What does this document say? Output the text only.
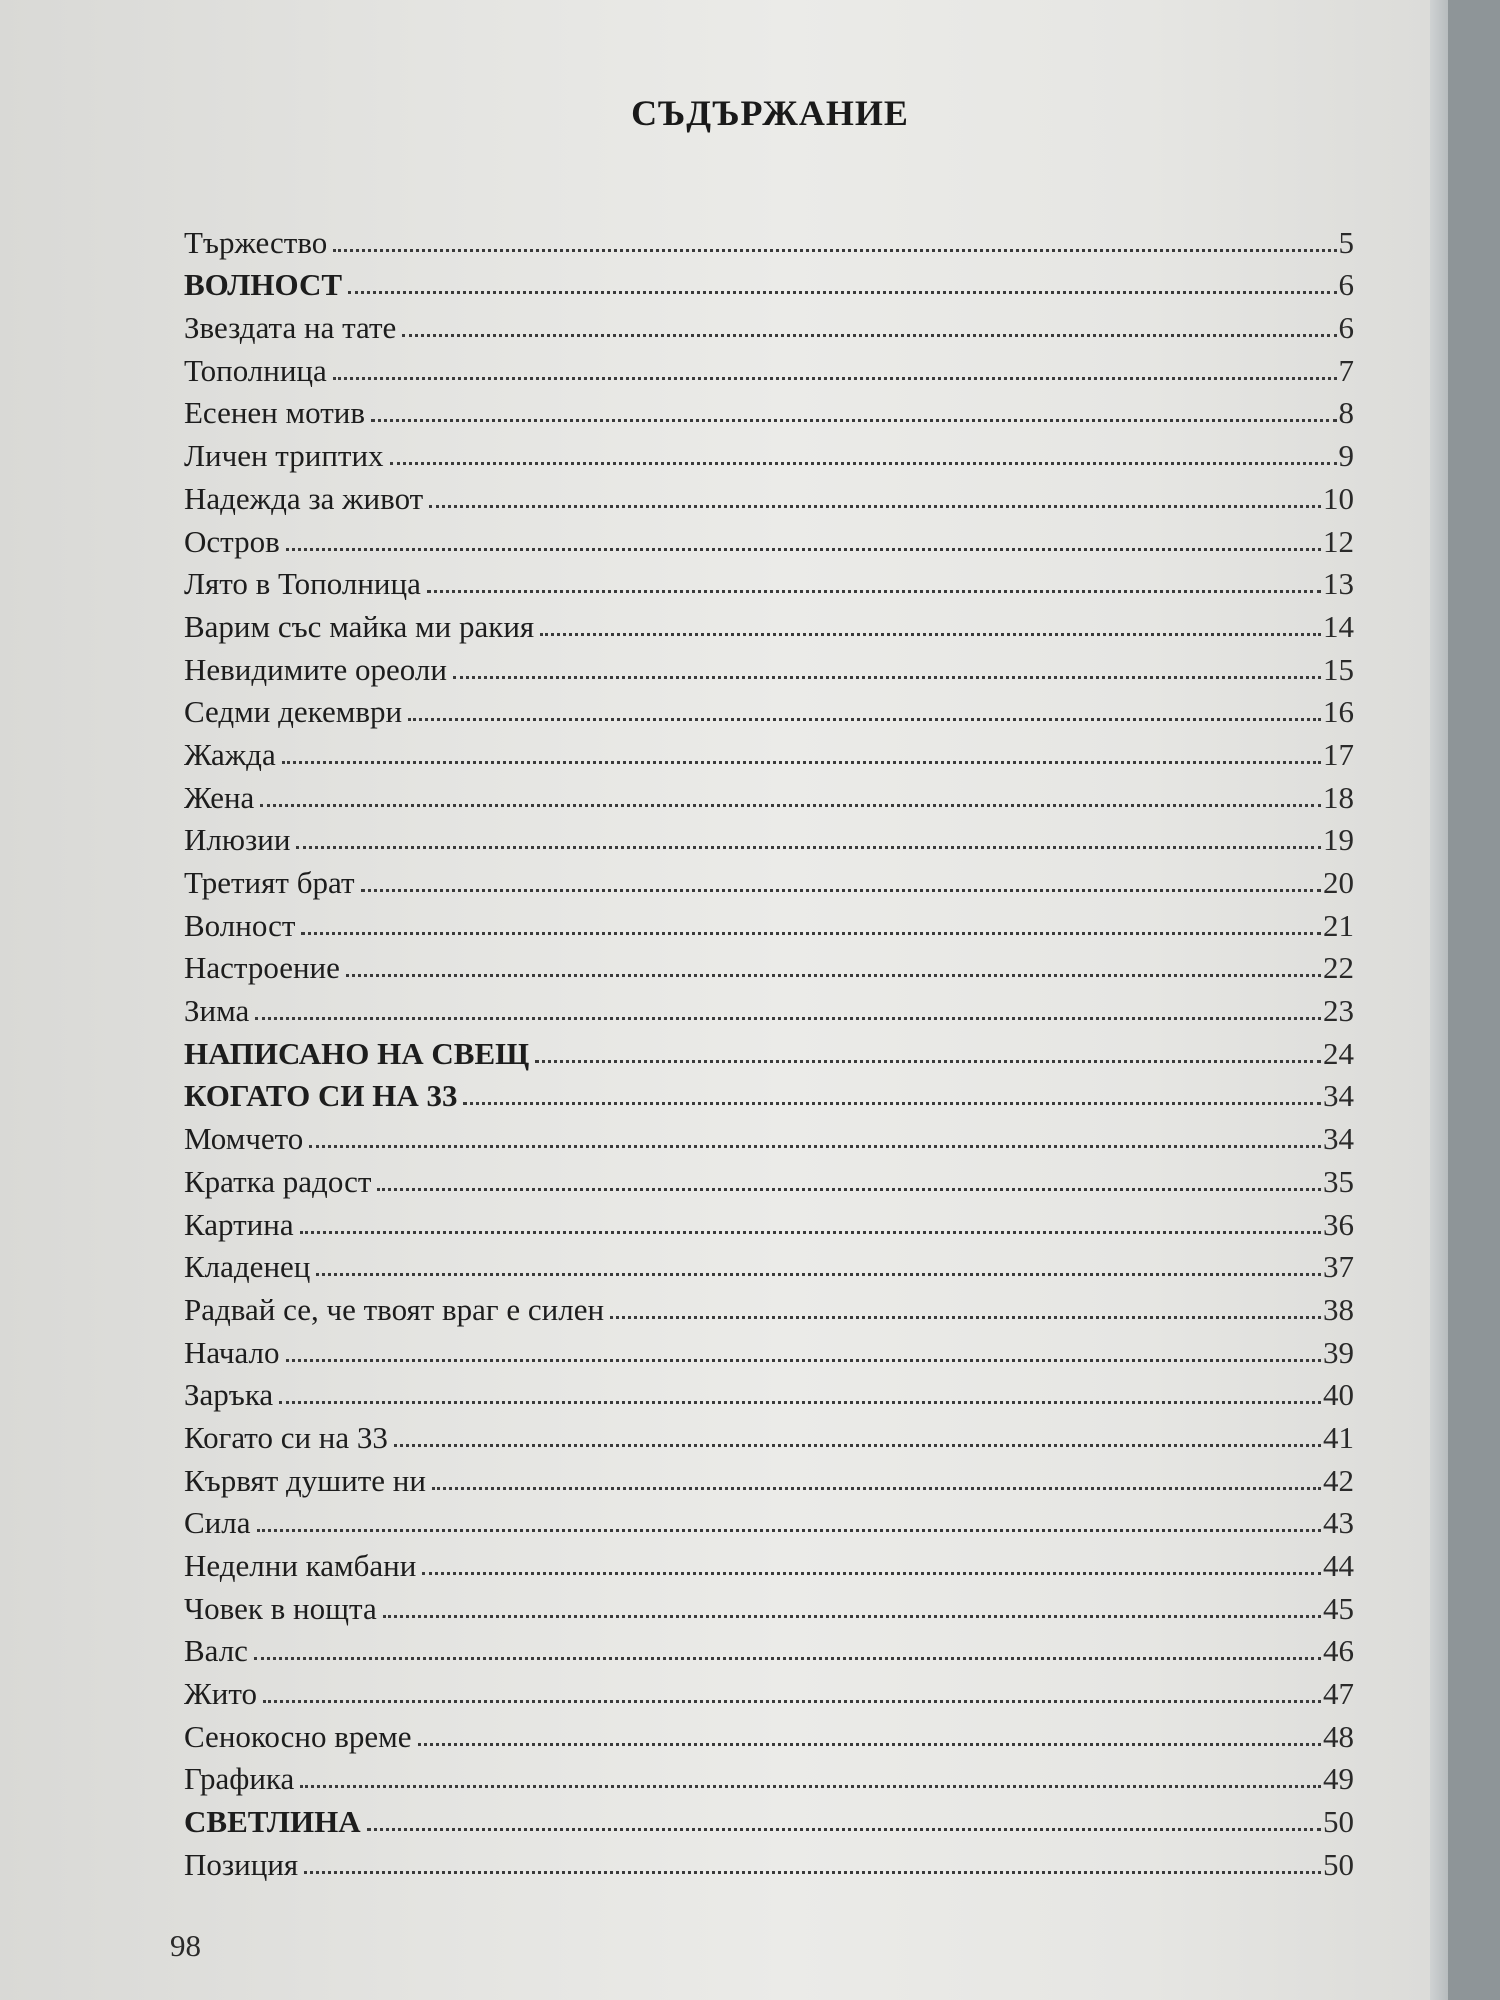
СЪДЪРЖАНИЕ
Тържество	5
ВОЛНОСТ	6
Звездата на тате	6
Тополница	7
Есенен мотив	8
Личен триптих	9
Надежда за живот	10
Остров	12
Лято в Тополница	13
Варим със майка ми ракия	14
Невидимите ореоли	15
Седми декември	16
Жажда	17
Жена	18
Илюзии	19
Третият брат	20
Волност	21
Настроение	22
Зима	23
НАПИСАНО НА СВЕЩ	24
КОГАТО СИ НА 33	34
Момчето	34
Кратка радост	35
Картина	36
Кладенец	37
Радвай се, че твоят враг е силен	38
Начало	39
Заръка	40
Когато си на 33	41
Кървят душите ни	42
Сила	43
Неделни камбани	44
Човек в нощта	45
Валс	46
Жито	47
Сенокосно време	48
Графика	49
СВЕТЛИНА	50
Позиция	50
98
